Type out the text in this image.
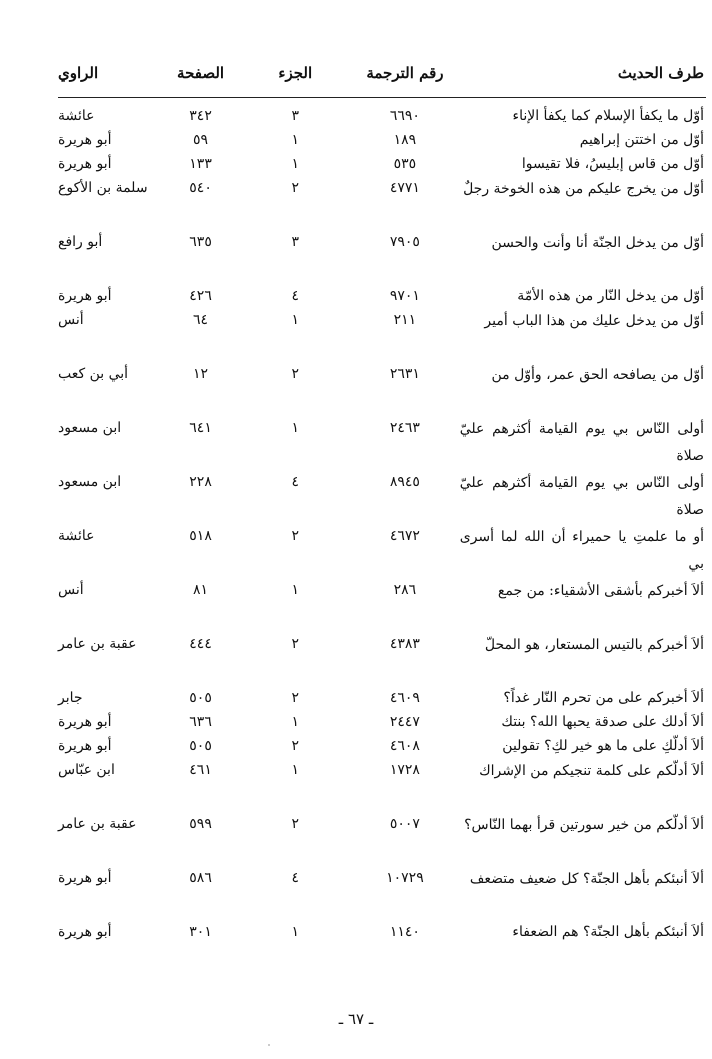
طرف الحديث
رقم الترجمة
الجزء
الصفحة
الراوي
أوّل ما يكفأ الإسلام كما يكفأ الإناء
٦٦٩٠
٣
٣٤٢
عائشة
أوّل من اختتن إبراهيم
١٨٩
١
٥٩
أبو هريرة
أوّل من قاس إبليسُ، فلا تقيسوا
٥٣٥
١
١٣٣
أبو هريرة
أوّل من يخرج عليكم من هذه الخوخة رجلٌ
٤٧٧١
٢
٥٤٠
سلمة بن الأكوع
أوّل من يدخل الجنّة أنا وأنت والحسن
٧٩٠٥
٣
٦٣٥
أبو رافع
أوّل من يدخل النّار من هذه الأمّة
٩٧٠١
٤
٤٢٦
أبو هريرة
أوّل من يدخل عليك من هذا الباب أمير
٢١١
١
٦٤
أنس
أوّل من يصافحه الحق عمر، وأوّل من
٢٦٣١
٢
١٢
أبي بن كعب
أولى النّاس بي يوم القيامة أكثرهم عليّ صلاة
٢٤٦٣
١
٦٤١
ابن مسعود
أولى النّاس بي يوم القيامة أكثرهم عليّ صلاة
٨٩٤٥
٤
٢٢٨
ابن مسعود
أو ما علمتِ يا حميراء أن الله لما أسرى بي
٤٦٧٢
٢
٥١٨
عائشة
ألاَ أخبركم بأشقى الأشقياء: من جمع
٢٨٦
١
٨١
أنس
ألاَ أخبركم بالتيس المستعار، هو المحلّ
٤٣٨٣
٢
٤٤٤
عقبة بن عامر
ألاَ أخبركم على من تحرم النّار غداً؟
٤٦٠٩
٢
٥٠٥
جابر
ألاَ أدلك على صدقة يحبها الله؟ بنتك
٢٤٤٧
١
٦٣٦
أبو هريرة
ألاَ أدلّكِ على ما هو خير لكِ؟ تقولين
٤٦٠٨
٢
٥٠٥
أبو هريرة
ألاَ أدلّكم على كلمة تنجيكم من الإشراك
١٧٢٨
١
٤٦١
ابن عبّاس
ألاَ أدلّكم من خير سورتين قرأ بهما النّاس؟
٥٠٠٧
٢
٥٩٩
عقبة بن عامر
ألاَ أنبئكم بأهل الجنّة؟ كل ضعيف متضعف
١٠٧٢٩
٤
٥٨٦
أبو هريرة
ألاَ أنبئكم بأهل الجنّة؟ هم الضعفاء
١١٤٠
١
٣٠١
أبو هريرة
ـ ٦٧ ـ
